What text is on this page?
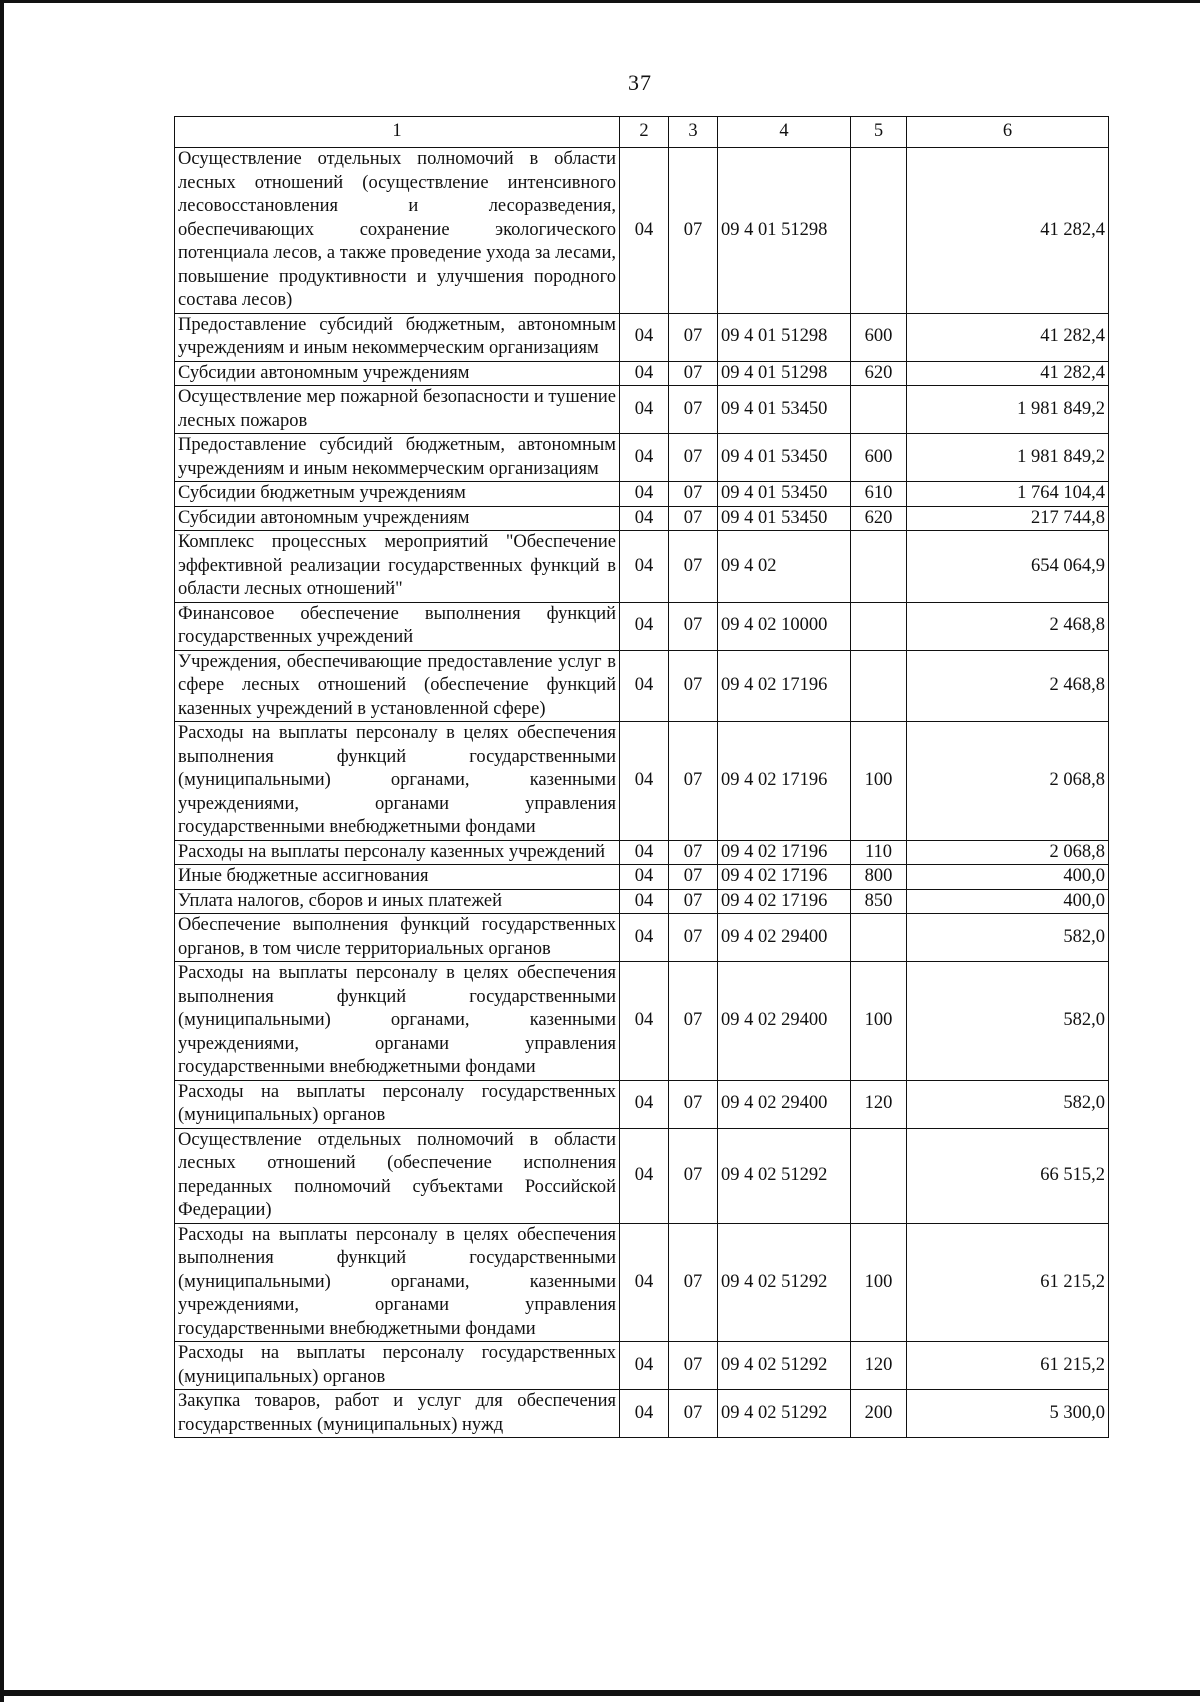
37
1	2	3	4	5	6
Осуществление отдельных полномочий в области лесных отношений (осуществление интенсивного лесовосстановления и лесоразведения, обеспечивающих сохранение экологического потенциала лесов, а также проведение ухода за лесами, повышение продуктивности и улучшения породного состава лесов)	04	07	09 4 01 51298		41 282,4
Предоставление субсидий бюджетным, автономным учреждениям и иным некоммерческим организациям	04	07	09 4 01 51298	600	41 282,4
Субсидии автономным учреждениям	04	07	09 4 01 51298	620	41 282,4
Осуществление мер пожарной безопасности и тушение лесных пожаров	04	07	09 4 01 53450		1 981 849,2
Предоставление субсидий бюджетным, автономным учреждениям и иным некоммерческим организациям	04	07	09 4 01 53450	600	1 981 849,2
Субсидии бюджетным учреждениям	04	07	09 4 01 53450	610	1 764 104,4
Субсидии автономным учреждениям	04	07	09 4 01 53450	620	217 744,8
Комплекс процессных мероприятий "Обеспечение эффективной реализации государственных функций в области лесных отношений"	04	07	09 4 02		654 064,9
Финансовое обеспечение выполнения функций государственных учреждений	04	07	09 4 02 10000		2 468,8
Учреждения, обеспечивающие предоставление услуг в сфере лесных отношений (обеспечение функций казенных учреждений в установленной сфере)	04	07	09 4 02 17196		2 468,8
Расходы на выплаты персоналу в целях обеспечения выполнения функций государственными (муниципальными) органами, казенными учреждениями, органами управления государственными внебюджетными фондами	04	07	09 4 02 17196	100	2 068,8
Расходы на выплаты персоналу казенных учреждений	04	07	09 4 02 17196	110	2 068,8
Иные бюджетные ассигнования	04	07	09 4 02 17196	800	400,0
Уплата налогов, сборов и иных платежей	04	07	09 4 02 17196	850	400,0
Обеспечение выполнения функций государственных органов, в том числе территориальных органов	04	07	09 4 02 29400		582,0
Расходы на выплаты персоналу в целях обеспечения выполнения функций государственными (муниципальными) органами, казенными учреждениями, органами управления государственными внебюджетными фондами	04	07	09 4 02 29400	100	582,0
Расходы на выплаты персоналу государственных (муниципальных) органов	04	07	09 4 02 29400	120	582,0
Осуществление отдельных полномочий в области лесных отношений (обеспечение исполнения переданных полномочий субъектами Российской Федерации)	04	07	09 4 02 51292		66 515,2
Расходы на выплаты персоналу в целях обеспечения выполнения функций государственными (муниципальными) органами, казенными учреждениями, органами управления государственными внебюджетными фондами	04	07	09 4 02 51292	100	61 215,2
Расходы на выплаты персоналу государственных (муниципальных) органов	04	07	09 4 02 51292	120	61 215,2
Закупка товаров, работ и услуг для обеспечения государственных (муниципальных) нужд	04	07	09 4 02 51292	200	5 300,0
